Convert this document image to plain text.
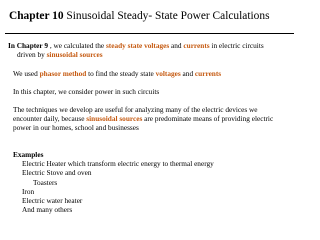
Chapter 10 Sinusoidal Steady- State Power Calculations
In Chapter 9 , we calculated the steady state voltages and currents in electric circuits
driven by sinusoidal sources
We used phasor method to find the steady state voltages and currents
In this chapter, we consider power in such circuits
The techniques we develop are useful for analyzing many of the electric devices we
encounter daily, because sinusoidal sources are predominate means of providing electric
power in our homes, school and businesses
Examples
Electric Heater which transform electric energy to thermal energy
Electric Stove and oven
Toasters
Iron
Electric water heater
And many others
